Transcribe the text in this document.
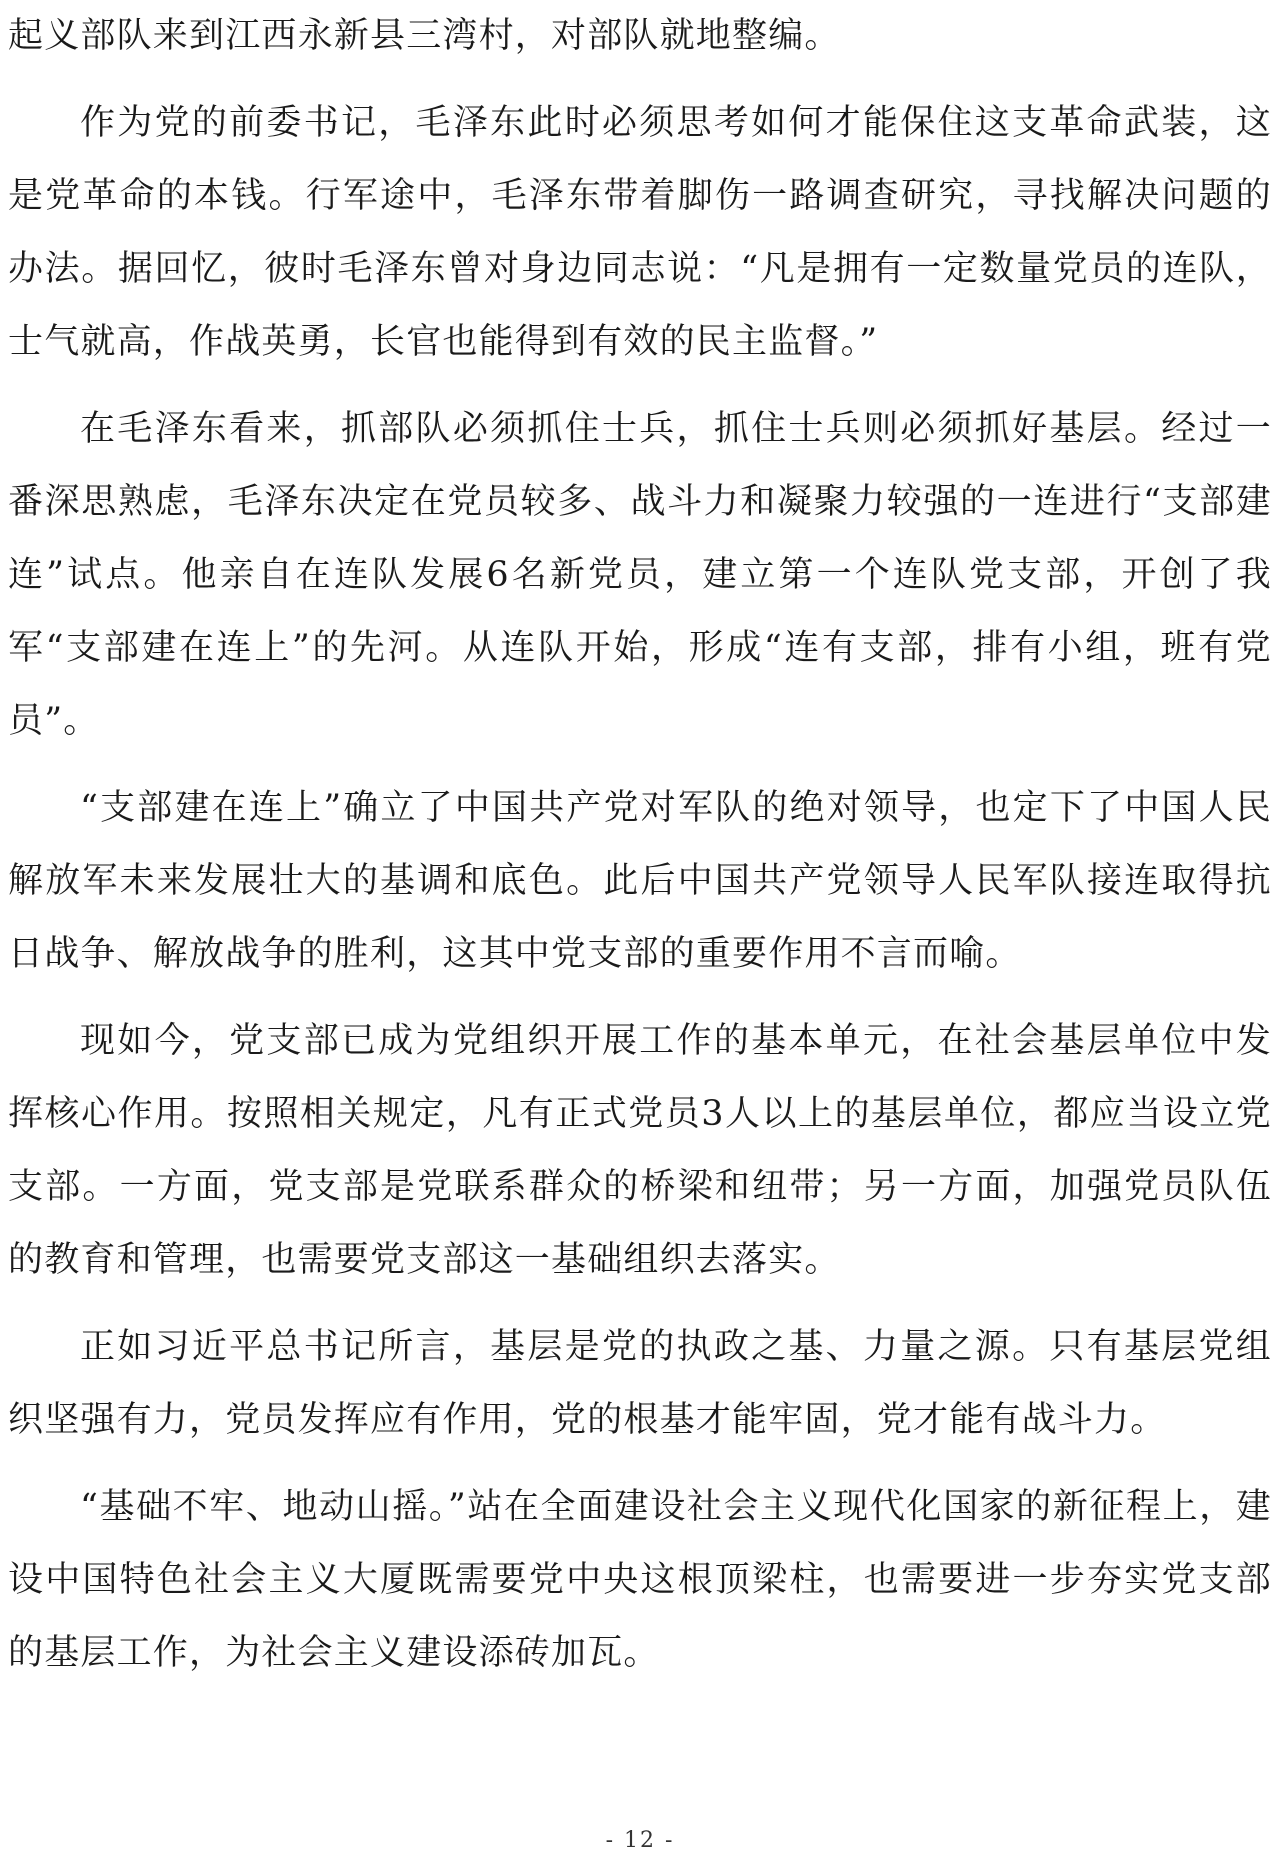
起义部队来到江西永新县三湾村，对部队就地整编。

作为党的前委书记，毛泽东此时必须思考如何才能保住这支革命武装，这是党革命的本钱。行军途中，毛泽东带着脚伤一路调查研究，寻找解决问题的办法。据回忆，彼时毛泽东曾对身边同志说：“凡是拥有一定数量党员的连队，士气就高，作战英勇，长官也能得到有效的民主监督。”

在毛泽东看来，抓部队必须抓住士兵，抓住士兵则必须抓好基层。经过一番深思熟虑，毛泽东决定在党员较多、战斗力和凝聚力较强的一连进行“支部建连”试点。他亲自在连队发展6名新党员，建立第一个连队党支部，开创了我军“支部建在连上”的先河。从连队开始，形成“连有支部，排有小组，班有党员”。

“支部建在连上”确立了中国共产党对军队的绝对领导，也定下了中国人民解放军未来发展壮大的基调和底色。此后中国共产党领导人民军队接连取得抗日战争、解放战争的胜利，这其中党支部的重要作用不言而喻。

现如今，党支部已成为党组织开展工作的基本单元，在社会基层单位中发挥核心作用。按照相关规定，凡有正式党员3人以上的基层单位，都应当设立党支部。一方面，党支部是党联系群众的桥梁和纽带；另一方面，加强党员队伍的教育和管理，也需要党支部这一基础组织去落实。

正如习近平总书记所言，基层是党的执政之基、力量之源。只有基层党组织坚强有力，党员发挥应有作用，党的根基才能牢固，党才能有战斗力。

“基础不牢、地动山摇。”站在全面建设社会主义现代化国家的新征程上，建设中国特色社会主义大厦既需要党中央这根顶梁柱，也需要进一步夯实党支部的基层工作，为社会主义建设添砖加瓦。

- 12 -
